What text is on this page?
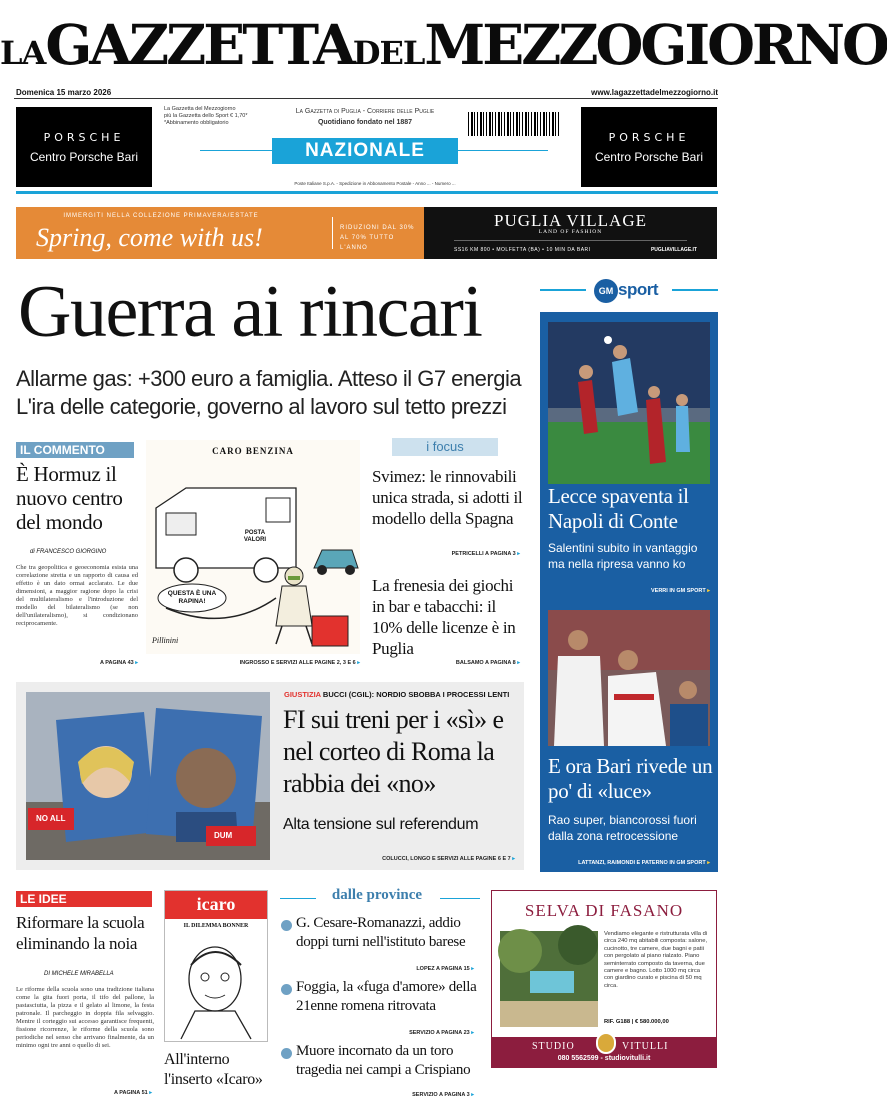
LAGAZZETTADELMEZZOGIORNO
Domenica 15 marzo 2026	www.lagazzettadelmezzogiorno.it
PORSCHE
Centro Porsche Bari
PORSCHE
Centro Porsche Bari
La Gazzetta del Mezzogiorno
più la Gazzetta dello Sport € 1,70*
*Abbinamento obbligatorio
La Gazzetta di Puglia - Corriere delle Puglie
Quotidiano fondato nel 1887
NAZIONALE
Poste Italiane S.p.A. - Spedizione in Abbonamento Postale - Anno ... - Numero ...
IMMERGITI NELLA COLLEZIONE PRIMAVERA/ESTATE
Spring, come with us!	RIDUZIONI DAL 30%
AL 70% TUTTO L'ANNO
PUGLIA VILLAGE
LAND OF FASHION
SS16 KM 800 • MOLFETTA (BA) • 10 MIN DA BARI	PUGLIAVILLAGE.IT
Guerra ai rincari
Allarme gas: +300 euro a famiglia. Atteso il G7 energia
L'ira delle categorie, governo al lavoro sul tetto prezzi
IL COMMENTO
È Hormuz il nuovo centro del mondo
di FRANCESCO GIORGINO
Che tra geopolitica e geoeconomia esista una correlazione stretta e un rapporto di causa ed effetto è un dato ormai acclarato. Le due dimensioni, a maggior ragione dopo la crisi del multilateralismo e l'introduzione del modello del bilateralismo (se non dell'unilateralismo), si condizionano reciprocamente.
A PAGINA 43 ▸
CARO BENZINA
POSTA VALORI
QUESTA È UNA RAPINA!
Pillinini
INGROSSO E SERVIZI ALLE PAGINE 2, 3 E 6 ▸
i focus
Svimez: le rinnovabili unica strada, si adotti il modello della Spagna
PETRICELLI A PAGINA 3 ▸
La frenesia dei giochi in bar e tabacchi: il 10% delle licenze è in Puglia
BALSAMO A PAGINA 8 ▸
NO ALL
DUM
GIUSTIZIA BUCCI (CGIL): NORDIO SBOBBA I PROCESSI LENTI
FI sui treni per i «sì» e nel corteo di Roma la rabbia dei «no»
Alta tensione sul referendum
COLUCCI, LONGO E SERVIZI ALLE PAGINE 6 E 7 ▸
GM sport
Lecce spaventa il Napoli di Conte
Salentini subito in vantaggio ma nella ripresa vanno ko
VERRI IN GM SPORT ▸
E ora Bari rivede un po' di «luce»
Rao super, biancorossi fuori dalla zona retrocessione
LATTANZI, RAIMONDI E PATERNO IN GM SPORT ▸
LE IDEE
Riformare la scuola eliminando la noia
DI MICHELE MIRABELLA
Le riforme della scuola sono una tradizione italiana come la gita fuori porta, il tifo del pallone, la pastasciutta, la pizza e il gelato al limone, la festa patronale. Il parcheggio in doppia fila selvaggio. Mentre il corteggio sui accesso garantisce frequenti, fissione ricorrenze, le riforme della scuola sono periodiche nel senso che arrivano finalmente, da un minimo ogni tre anni o quello di sei.
A PAGINA 51 ▸
icaro
IL DILEMMA BONNER
All'interno l'inserto «Icaro»
dalle province
G. Cesare-Romanazzi, addio doppi turni nell'istituto barese
LOPEZ A PAGINA 15 ▸
Foggia, la «fuga d'amore» della 21enne romena ritrovata
SERVIZIO A PAGINA 23 ▸
Muore incornato da un toro tragedia nei campi a Crispiano
SERVIZIO A PAGINA 3 ▸
SELVA DI FASANO
Vendiamo elegante e ristrutturata villa di circa 240 mq abitabili composta: salone, cucinotto, tre camere, due bagni e patii con pergolato al piano rialzato. Piano seminterrato composto da taverna, due camere e bagno. Lotto 1000 mq circa con giardino curato e piscina di 50 mq circa.
RIF. G188 | € 580.000,00
STUDIO	VITULLI
080 5562599 - studiovitulli.it
